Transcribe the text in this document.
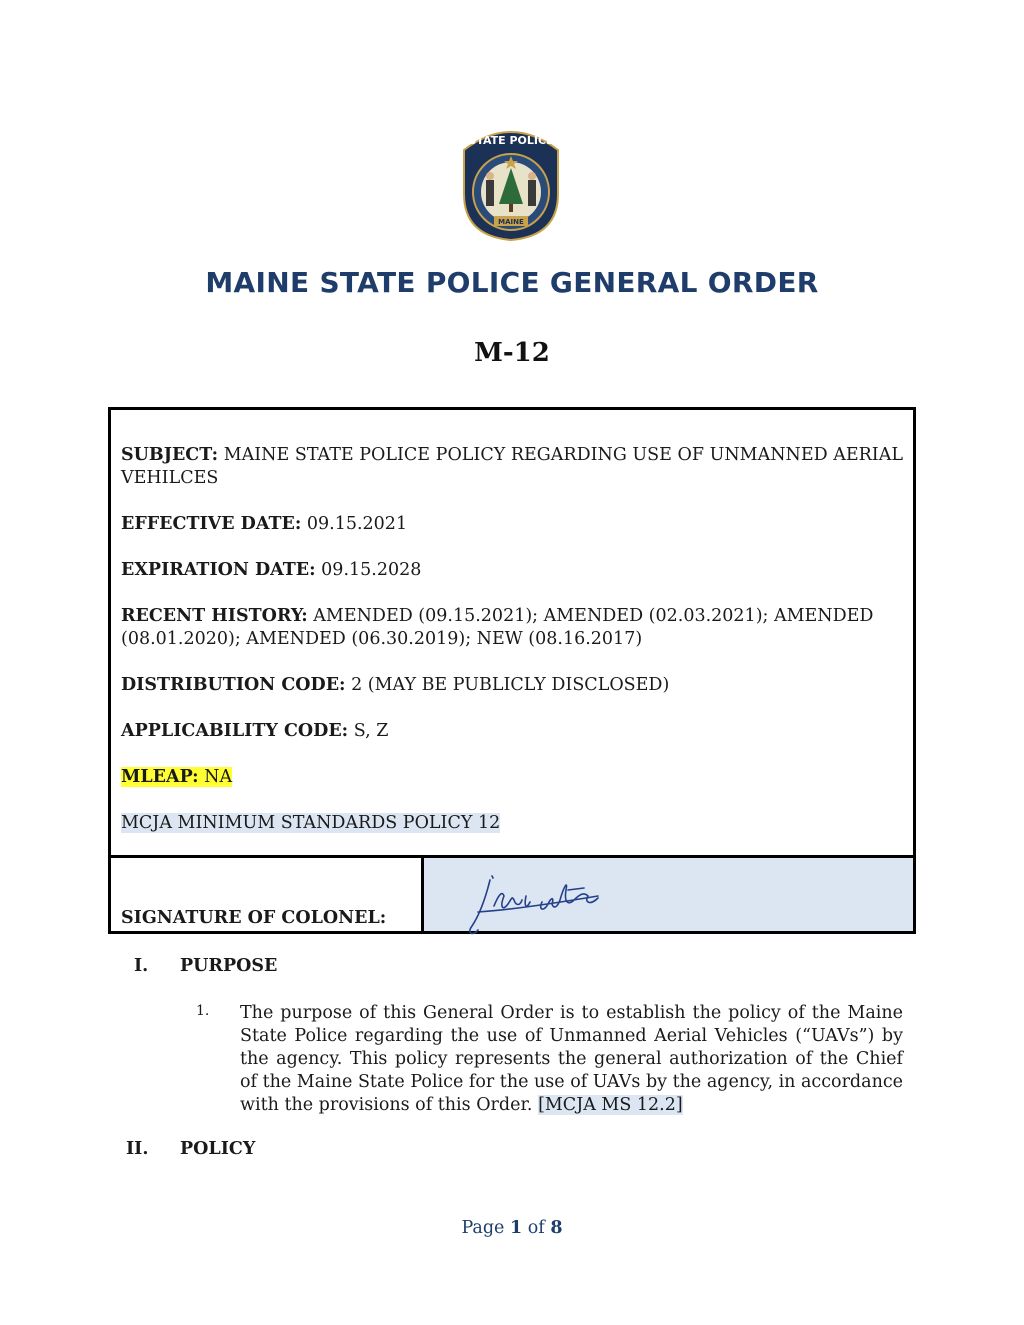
STATE POLICE
MAINE
MAINE STATE POLICE GENERAL ORDER
M-12

SUBJECT: MAINE STATE POLICE POLICY REGARDING USE OF UNMANNED AERIAL VEHILCES

EFFECTIVE DATE: 09.15.2021

EXPIRATION DATE: 09.15.2028

RECENT HISTORY: AMENDED (09.15.2021); AMENDED (02.03.2021); AMENDED (08.01.2020); AMENDED (06.30.2019); NEW (08.16.2017)

DISTRIBUTION CODE: 2 (MAY BE PUBLICLY DISCLOSED)

APPLICABILITY CODE: S, Z

MLEAP: NA

MCJA MINIMUM STANDARDS POLICY 12

SIGNATURE OF COLONEL:
I. PURPOSE
1. The purpose of this General Order is to establish the policy of the Maine State Police regarding the use of Unmanned Aerial Vehicles (“UAVs”) by the agency. This policy represents the general authorization of the Chief of the Maine State Police for the use of UAVs by the agency, in accordance with the provisions of this Order. [MCJA MS 12.2]
II. POLICY
Page 1 of 8
